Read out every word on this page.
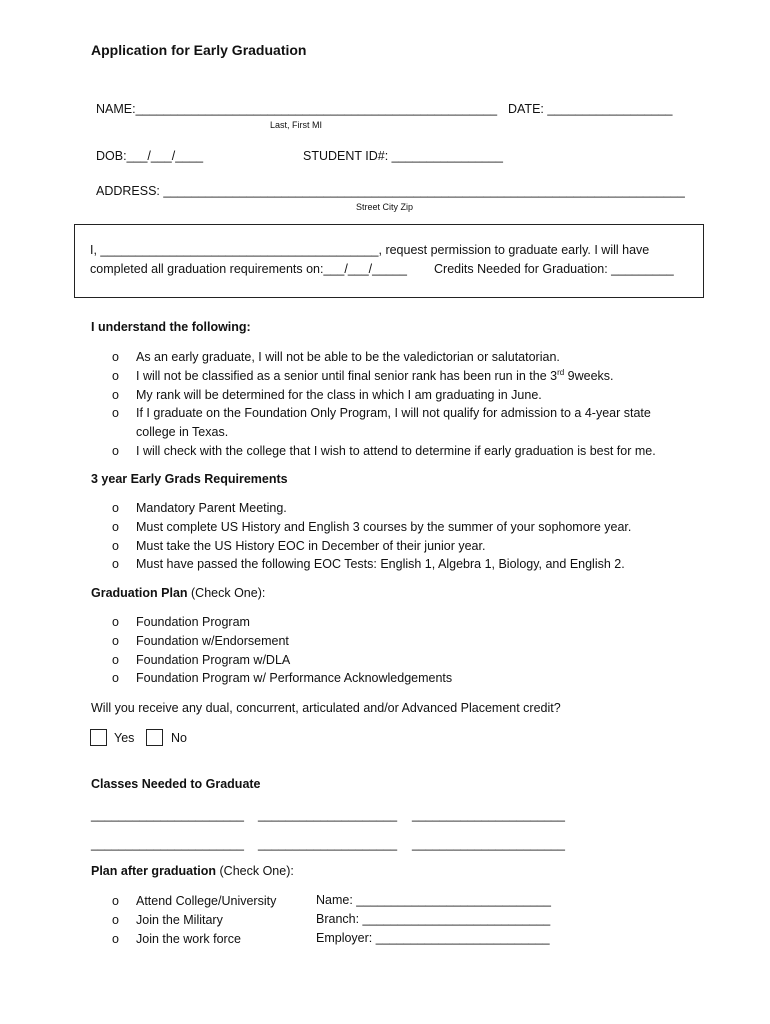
Application for Early Graduation
NAME:____________________________________________________
Last, First MI
DATE: __________________
DOB:___/___/____	STUDENT ID#: ________________
ADDRESS: ___________________________________________________________________________
Street City Zip
I, ________________________________________, request permission to graduate early. I will have
completed all graduation requirements on:___/___/_____ Credits Needed for Graduation: _________
I understand the following:
o As an early graduate, I will not be able to be the valedictorian or salutatorian.
o I will not be classified as a senior until final senior rank has been run in the 3rd 9weeks.
o My rank will be determined for the class in which I am graduating in June.
o If I graduate on the Foundation Only Program, I will not qualify for admission to a 4-year state
college in Texas.
o I will check with the college that I wish to attend to determine if early graduation is best for me.
3 year Early Grads Requirements
o Mandatory Parent Meeting.
o Must complete US History and English 3 courses by the summer of your sophomore year.
o Must take the US History EOC in December of their junior year.
o Must have passed the following EOC Tests: English 1, Algebra 1, Biology, and English 2.
Graduation Plan (Check One):
o Foundation Program
o Foundation w/Endorsement
o Foundation Program w/DLA
o Foundation Program w/ Performance Acknowledgements
Will you receive any dual, concurrent, articulated and/or Advanced Placement credit?
Yes	No
Classes Needed to Graduate
______________________ ____________________ ______________________
______________________ ____________________ ______________________
Plan after graduation (Check One):
o Attend College/University
o Join the Military
o Join the work force
Name: ____________________________
Branch: ___________________________
Employer: _________________________
